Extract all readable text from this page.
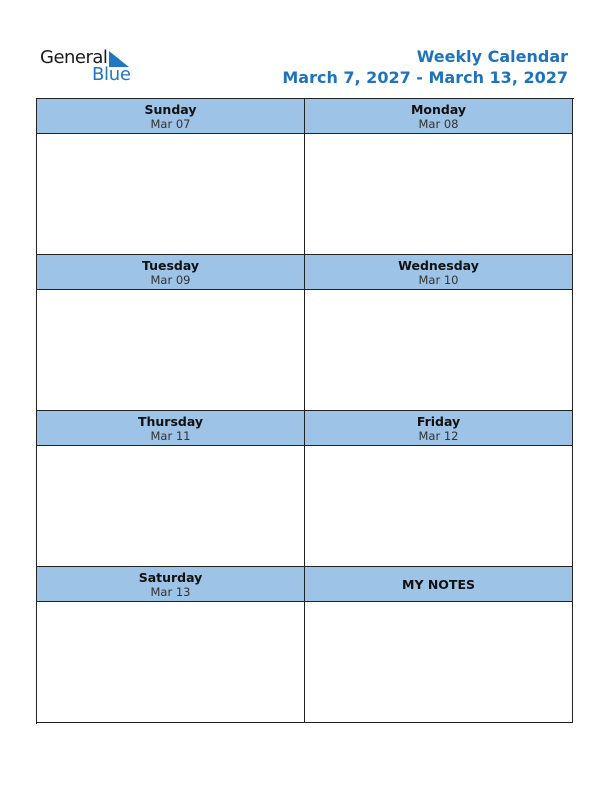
General
Blue
Weekly Calendar
March 7, 2027 - March 13, 2027
Sunday
Mar 07
Monday
Mar 08
Tuesday
Mar 09
Wednesday
Mar 10
Thursday
Mar 11
Friday
Mar 12
Saturday
Mar 13	MY NOTES
